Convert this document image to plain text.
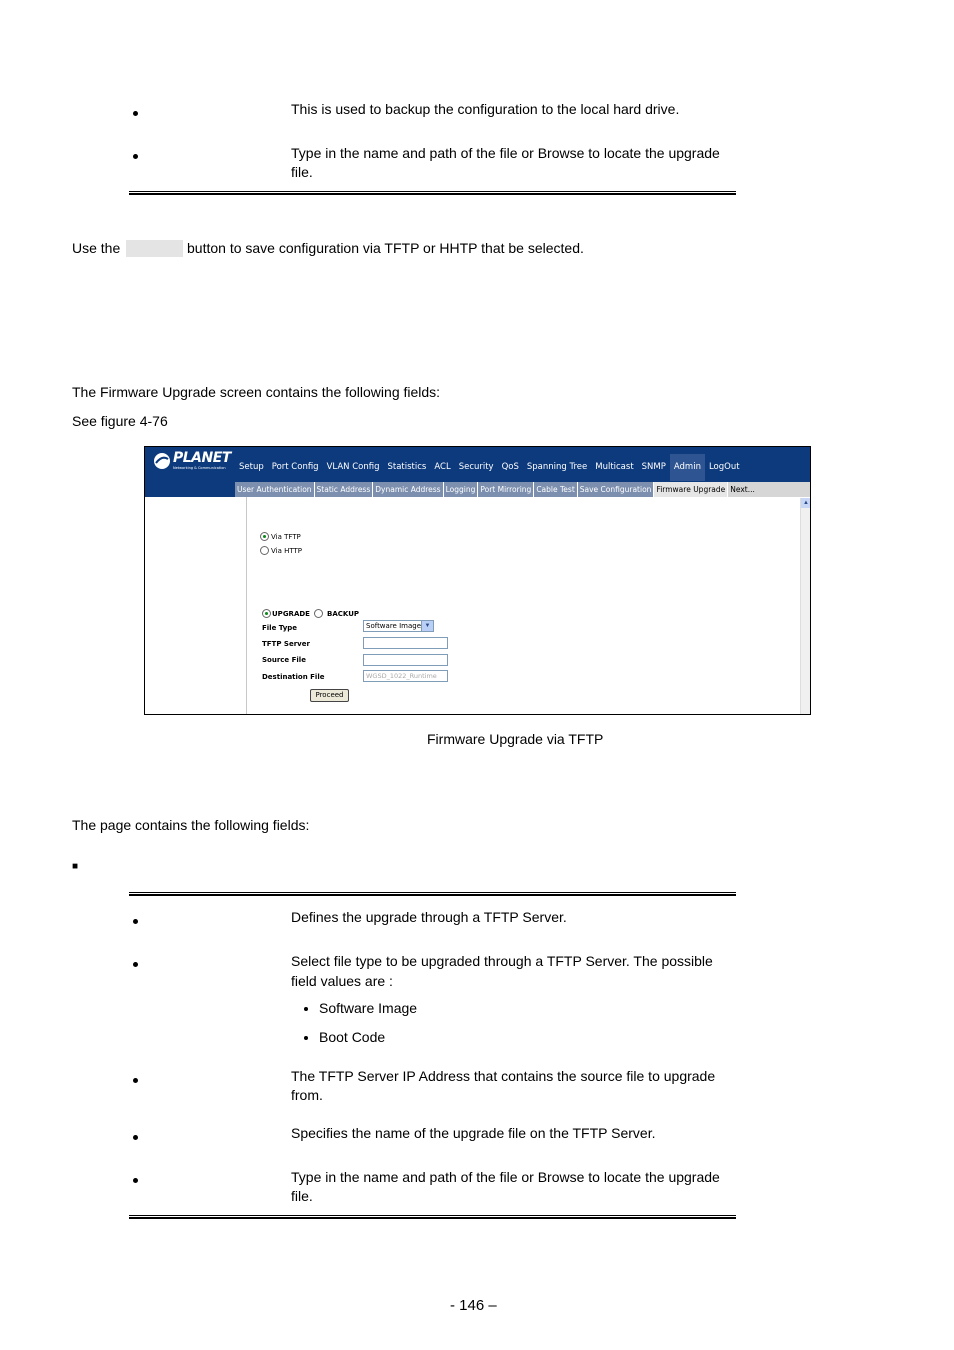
This is used to backup the configuration to the local hard drive.
Type in the name and path of the file or Browse to locate the upgrade file.
Use the	button to save configuration via TFTP or HHTP that be selected.
The Firmware Upgrade screen contains the following fields:
See figure 4-76
PLANET
Networking & Communication	Setup Port Config VLAN Config Statistics ACL Security QoS Spanning Tree Multicast SNMP Admin LogOut
User Authentication Static Address Dynamic Address Logging Port Mirroring Cable Test Save Configuration Firmware Upgrade Next...
Via TFTP
Via HTTP
UPGRADE BACKUP
File Type	Software Image ▼
TFTP Server
Source File
Destination File	WGSD_1022_Runtime
Proceed
▲
Firmware Upgrade via TFTP
The page contains the following fields:
■
Defines the upgrade through a TFTP Server.
Select file type to be upgraded through a TFTP Server. The possible field values are :
Software Image
Boot Code
The TFTP Server IP Address that contains the source file to upgrade from.
Specifies the name of the upgrade file on the TFTP Server.
Type in the name and path of the file or Browse to locate the upgrade file.
- 146 –
